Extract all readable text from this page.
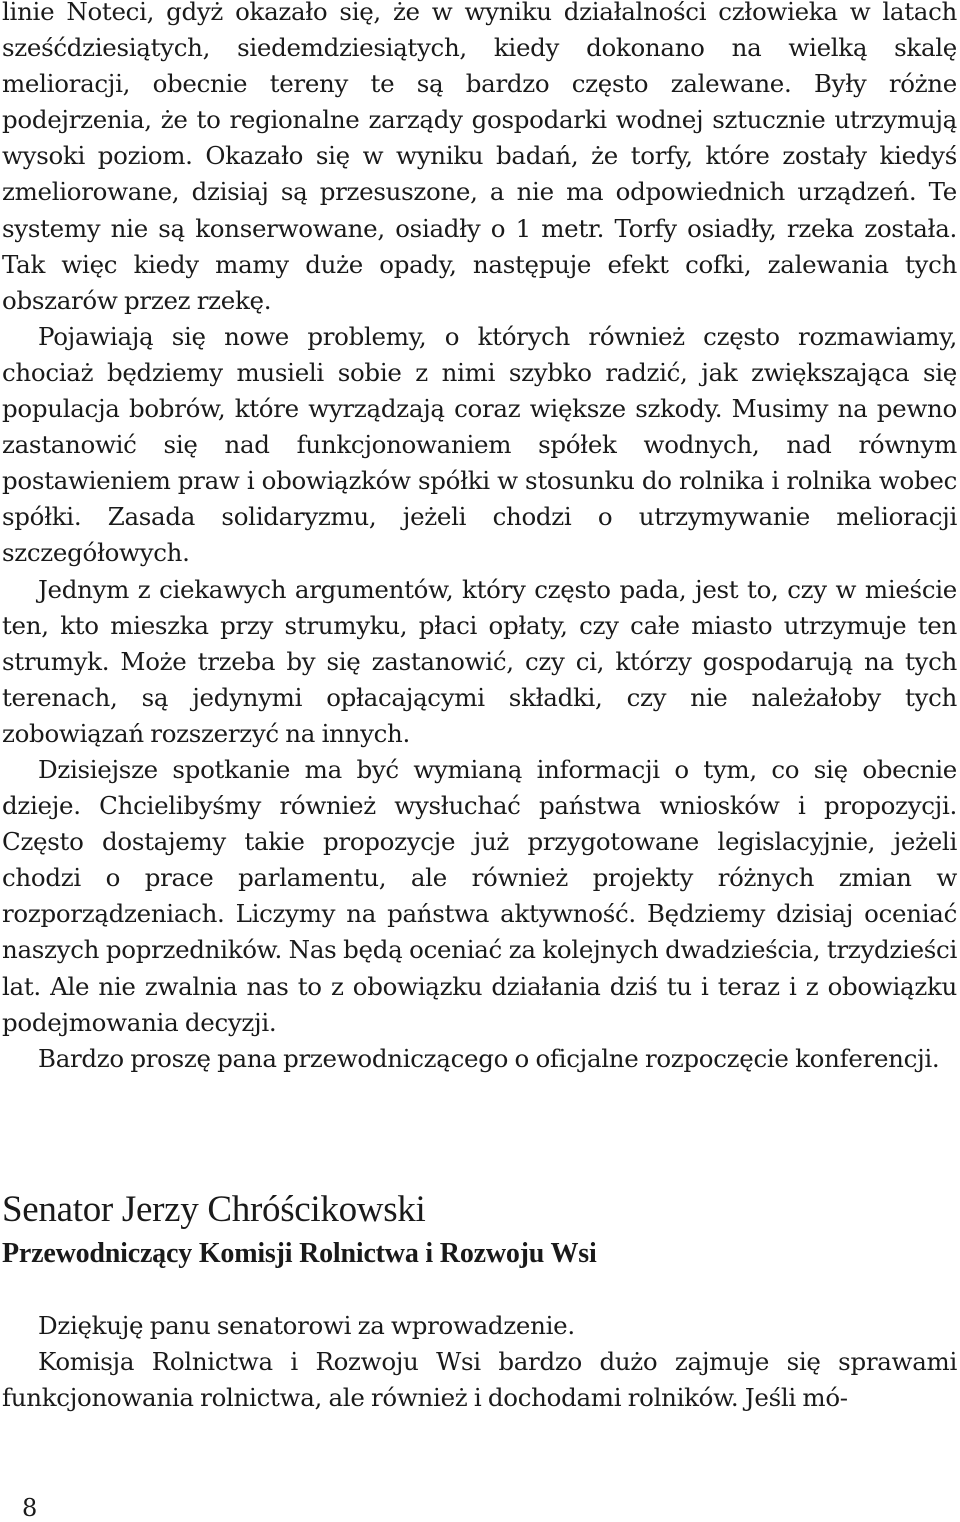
linie Noteci, gdyż okazało się, że w wyniku działalności człowieka w latach sześćdziesiątych, siedemdziesiątych, kiedy dokonano na wielką skalę melioracji, obecnie tereny te są bardzo często zalewane. Były różne podejrzenia, że to regionalne zarządy gospodarki wodnej sztucznie utrzymują wysoki poziom. Okazało się w wyniku badań, że torfy, które zostały kiedyś zmeliorowane, dzisiaj są przesuszone, a nie ma odpowiednich urządzeń. Te systemy nie są konserwowane, osiadły o 1 metr. Torfy osiadły, rzeka została. Tak więc kiedy mamy duże opady, następuje efekt cofki, zalewania tych obszarów przez rzekę.

Pojawiają się nowe problemy, o których również często rozmawiamy, chociaż będziemy musieli sobie z nimi szybko radzić, jak zwiększająca się populacja bobrów, które wyrządzają coraz większe szkody. Musimy na pewno zastanowić się nad funkcjonowaniem spółek wodnych, nad równym postawieniem praw i obowiązków spółki w stosunku do rolnika i rolnika wobec spółki. Zasada solidaryzmu, jeżeli chodzi o utrzymywanie melioracji szczegółowych.

Jednym z ciekawych argumentów, który często pada, jest to, czy w mieście ten, kto mieszka przy strumyku, płaci opłaty, czy całe miasto utrzymuje ten strumyk. Może trzeba by się zastanowić, czy ci, którzy gospodarują na tych terenach, są jedynymi opłacającymi składki, czy nie należałoby tych zobowiązań rozszerzyć na innych.

Dzisiejsze spotkanie ma być wymianą informacji o tym, co się obecnie dzieje. Chcielibyśmy również wysłuchać państwa wniosków i propozycji. Często dostajemy takie propozycje już przygotowane legislacyjnie, jeżeli chodzi o prace parlamentu, ale również projekty różnych zmian w rozporządzeniach. Liczymy na państwa aktywność. Będziemy dzisiaj oceniać naszych poprzedników. Nas będą oceniać za kolejnych dwadzieścia, trzydzieści lat. Ale nie zwalnia nas to z obowiązku działania dziś tu i teraz i z obowiązku podejmowania decyzji.

Bardzo proszę pana przewodniczącego o oficjalne rozpoczęcie konferencji.

Senator Jerzy Chróścikowski
Przewodniczący Komisji Rolnictwa i Rozwoju Wsi

Dziękuję panu senatorowi za wprowadzenie.

Komisja Rolnictwa i Rozwoju Wsi bardzo dużo zajmuje się sprawami funkcjonowania rolnictwa, ale również i dochodami rolników. Jeśli mó-

8
